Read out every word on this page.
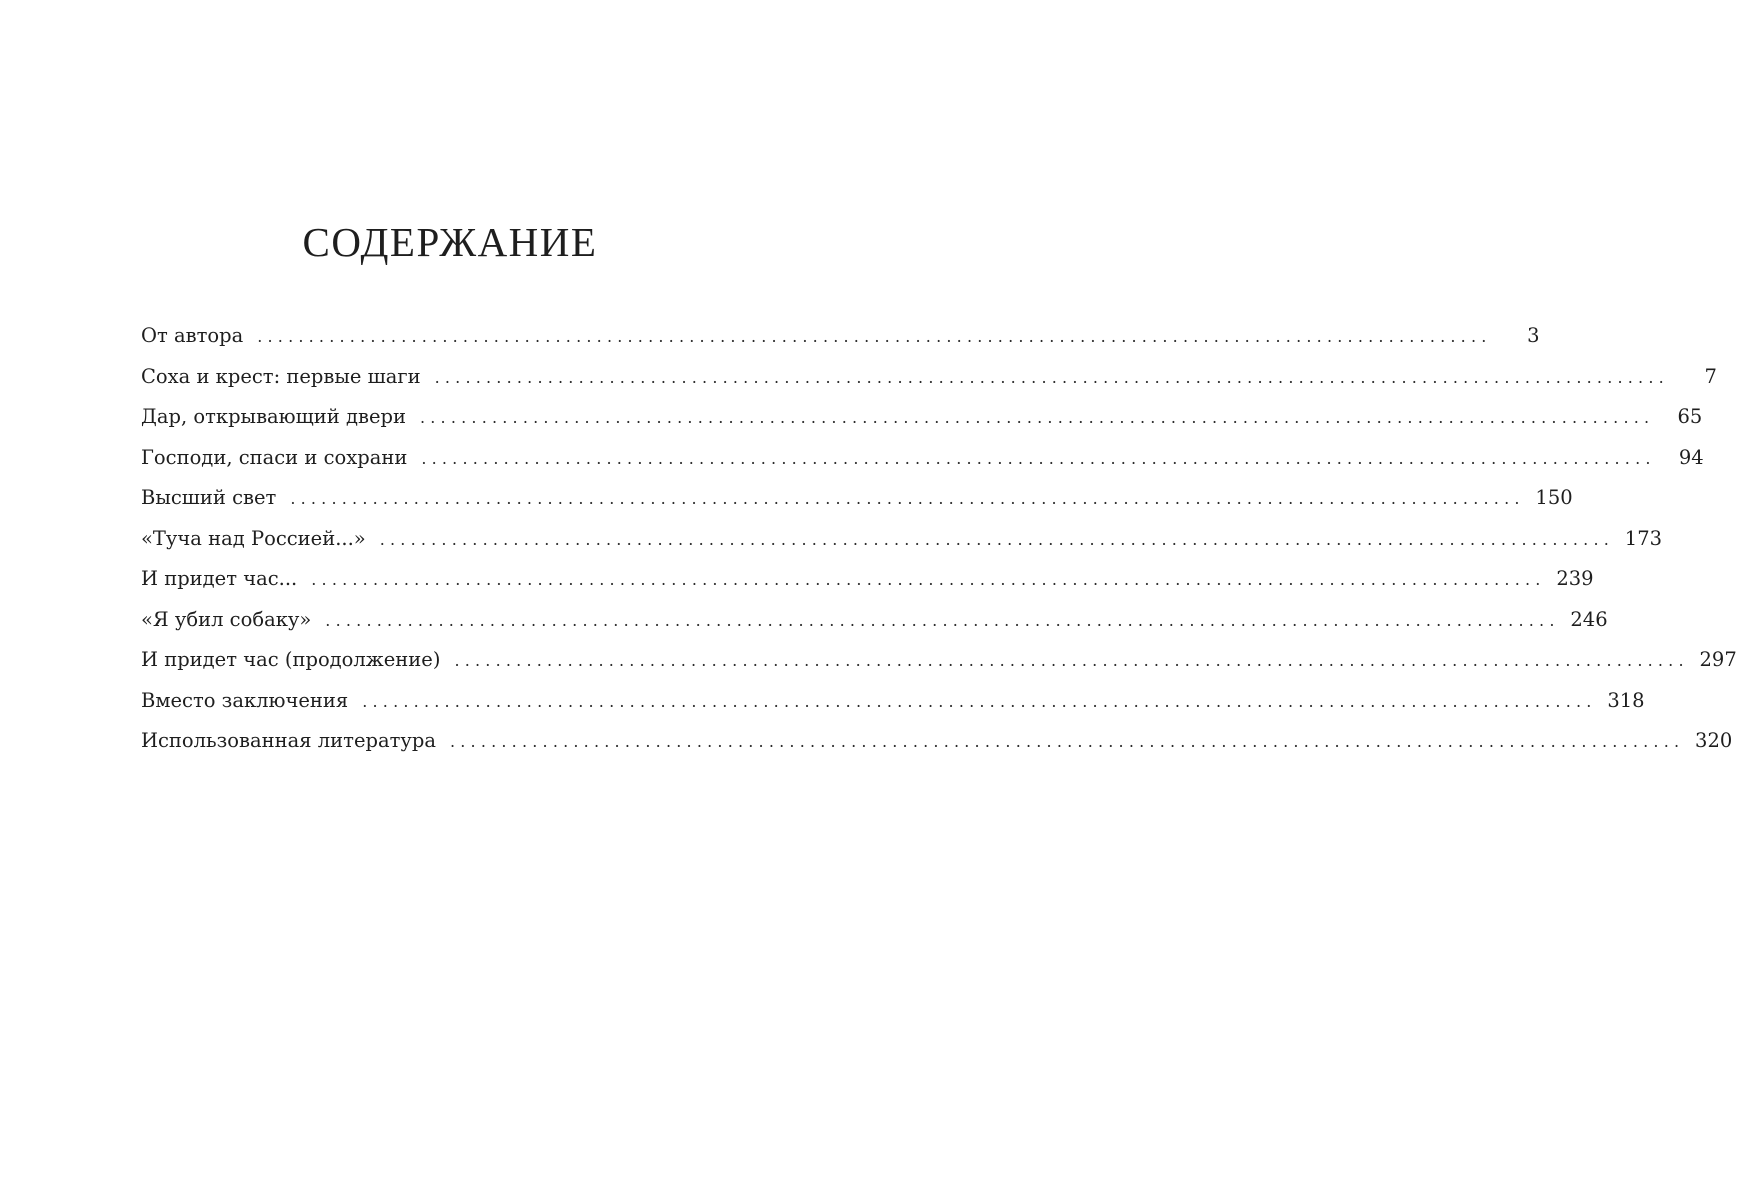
СОДЕРЖАНИЕ
От автора ........................................................................................................................	3
Соха и крест: первые шаги ........................................................................................................................	7
Дар, открывающий двери ........................................................................................................................	65
Господи, спаси и сохрани ........................................................................................................................	94
Высший свет ........................................................................................................................ 150
«Туча над Россией...» ........................................................................................................................ 173
И придет час... ........................................................................................................................ 239
«Я убил собаку» ........................................................................................................................ 246
И придет час (продолжение) ........................................................................................................................ 297
Вместо заключения ........................................................................................................................ 318
Использованная литература ........................................................................................................................ 320
